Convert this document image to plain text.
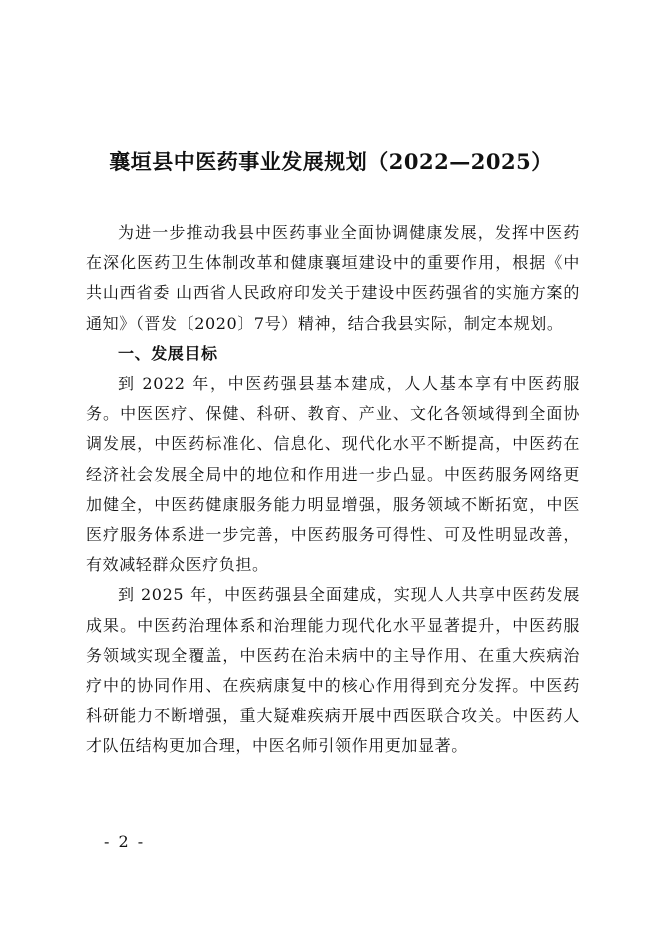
襄垣县中医药事业发展规划（2022—2025）

为进一步推动我县中医药事业全面协调健康发展，发挥中医药在深化医药卫生体制改革和健康襄垣建设中的重要作用，根据《中共山西省委 山西省人民政府印发关于建设中医药强省的实施方案的通知》（晋发〔2020〕7号）精神，结合我县实际，制定本规划。

一、发展目标

到 2022 年，中医药强县基本建成，人人基本享有中医药服务。中医医疗、保健、科研、教育、产业、文化各领域得到全面协调发展，中医药标准化、信息化、现代化水平不断提高，中医药在经济社会发展全局中的地位和作用进一步凸显。中医药服务网络更加健全，中医药健康服务能力明显增强，服务领域不断拓宽，中医医疗服务体系进一步完善，中医药服务可得性、可及性明显改善，有效减轻群众医疗负担。

到 2025 年，中医药强县全面建成，实现人人共享中医药发展成果。中医药治理体系和治理能力现代化水平显著提升，中医药服务领域实现全覆盖，中医药在治未病中的主导作用、在重大疾病治疗中的协同作用、在疾病康复中的核心作用得到充分发挥。中医药科研能力不断增强，重大疑难疾病开展中西医联合攻关。中医药人才队伍结构更加合理，中医名师引领作用更加显著。

- 2 -
